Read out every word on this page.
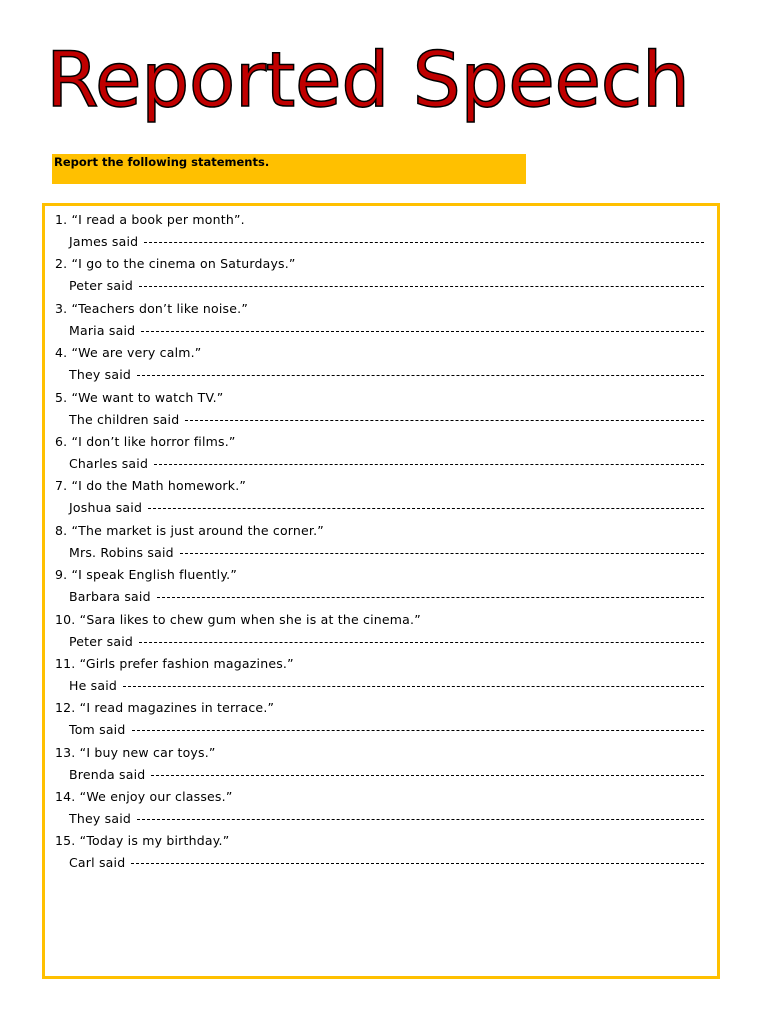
Reported Speech
Report the following statements.
1. “I read a book per month”.
James said
2. “I go to the cinema on Saturdays.”
Peter said
3. “Teachers don’t like noise.”
Maria said
4. “We are very calm.”
They said
5. “We want to watch TV.”
The children said
6. “I don’t like horror films.”
Charles said
7. “I do the Math homework.”
Joshua said
8. “The market is just around the corner.”
Mrs. Robins said
9. “I speak English fluently.”
Barbara said
10. “Sara likes to chew gum when she is at the cinema.”
Peter said
11. “Girls prefer fashion magazines.”
He said
12. “I read magazines in terrace.”
Tom said
13. “I buy new car toys.”
Brenda said
14. “We enjoy our classes.”
They said
15. “Today is my birthday.”
Carl said
